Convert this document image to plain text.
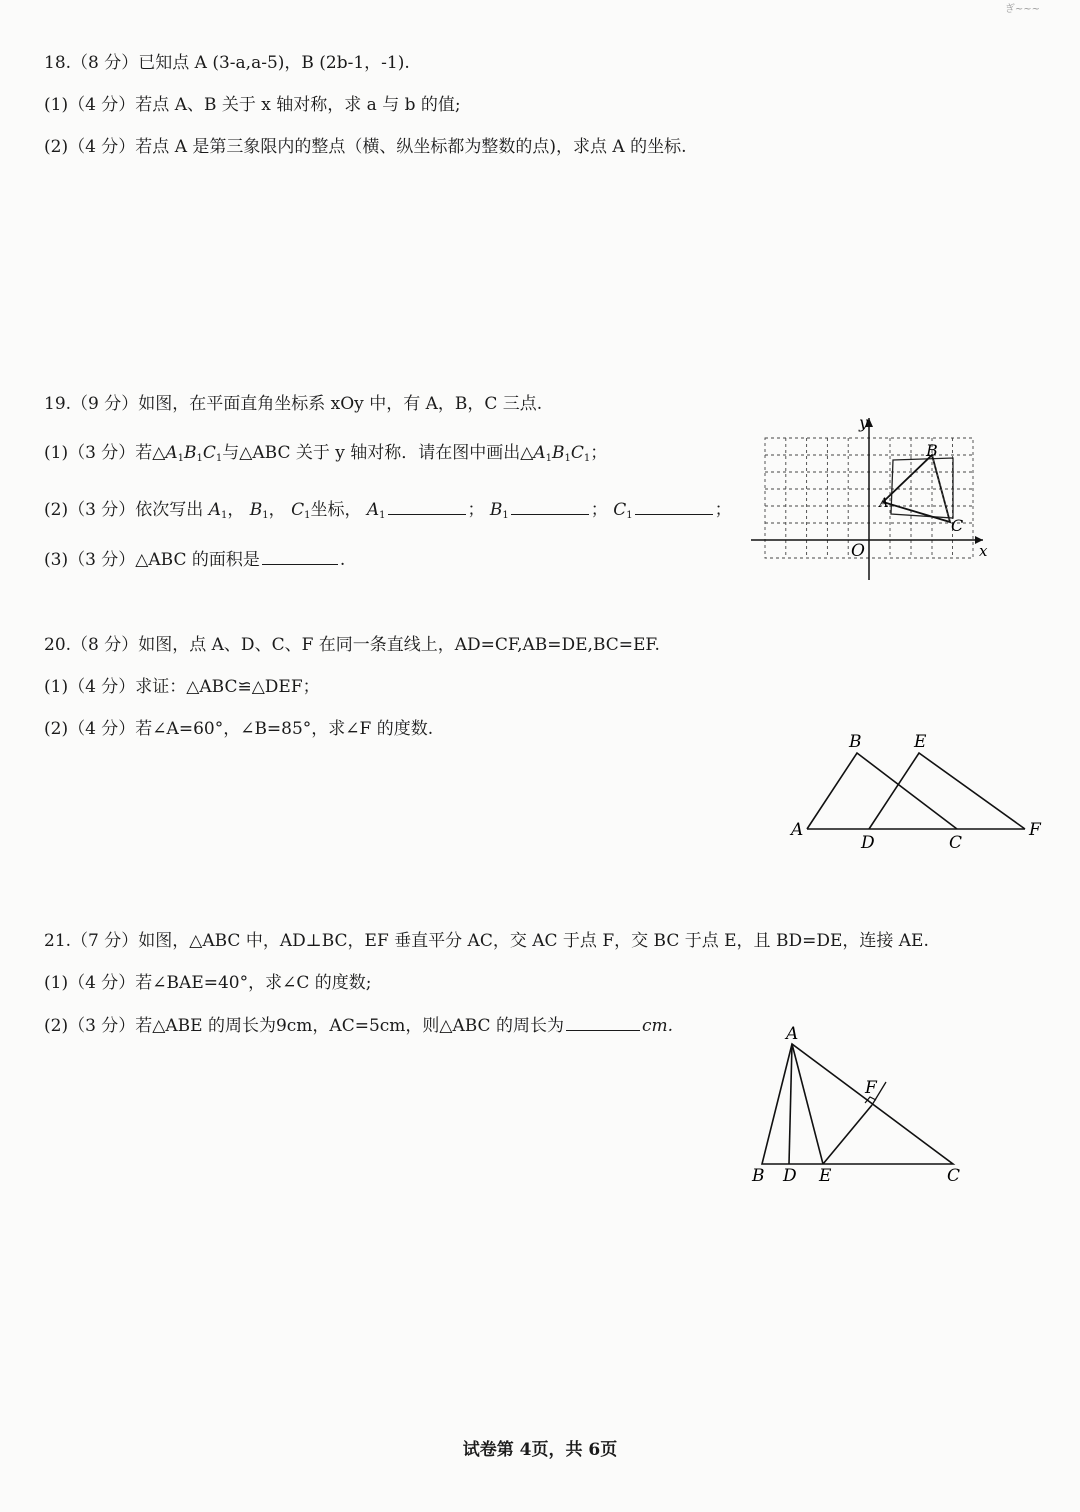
ぎ~~~
18.（8 分）已知点 A (3-a,a-5)，B (2b-1，-1).
(1)（4 分）若点 A、B 关于 x 轴对称，求 a 与 b 的值;
(2)（4 分）若点 A 是第三象限内的整点（横、纵坐标都为整数的点)，求点 A 的坐标.
19.（9 分）如图，在平面直角坐标系 xOy 中，有 A，B，C 三点.
(1)（3 分）若$\triangle A_1B_1C_1$与△ABC 关于 y 轴对称．请在图中画出$\triangle A_1B_1C_1$；
(2)（3 分）依次写出 $A_1$， $B_1$， $C_1$坐标， $A_1$	； $B_1$	； $C_1$	；
(3)（3 分）△ABC 的面积是	.
y
x
O
A
B
C
20.（8 分）如图，点 A、D、C、F 在同一条直线上，AD=CF,AB=DE,BC=EF.
(1)（4 分）求证：△ABC≌△DEF；
(2)（4 分）若∠A=60°，∠B=85°，求∠F 的度数.
A
B
C
D
E
F
21.（7 分）如图，△ABC 中，AD⊥BC，EF 垂直平分 AC，交 AC 于点 F，交 BC 于点 E，且 BD=DE，连接 AE.
(1)（4 分）若∠BAE=40°，求∠C 的度数;
(2)（3 分）若△ABE 的周长为9cm，AC=5cm，则△ABC 的周长为	cm.	A
B D E	C
F
试卷第 4页，共 6页
